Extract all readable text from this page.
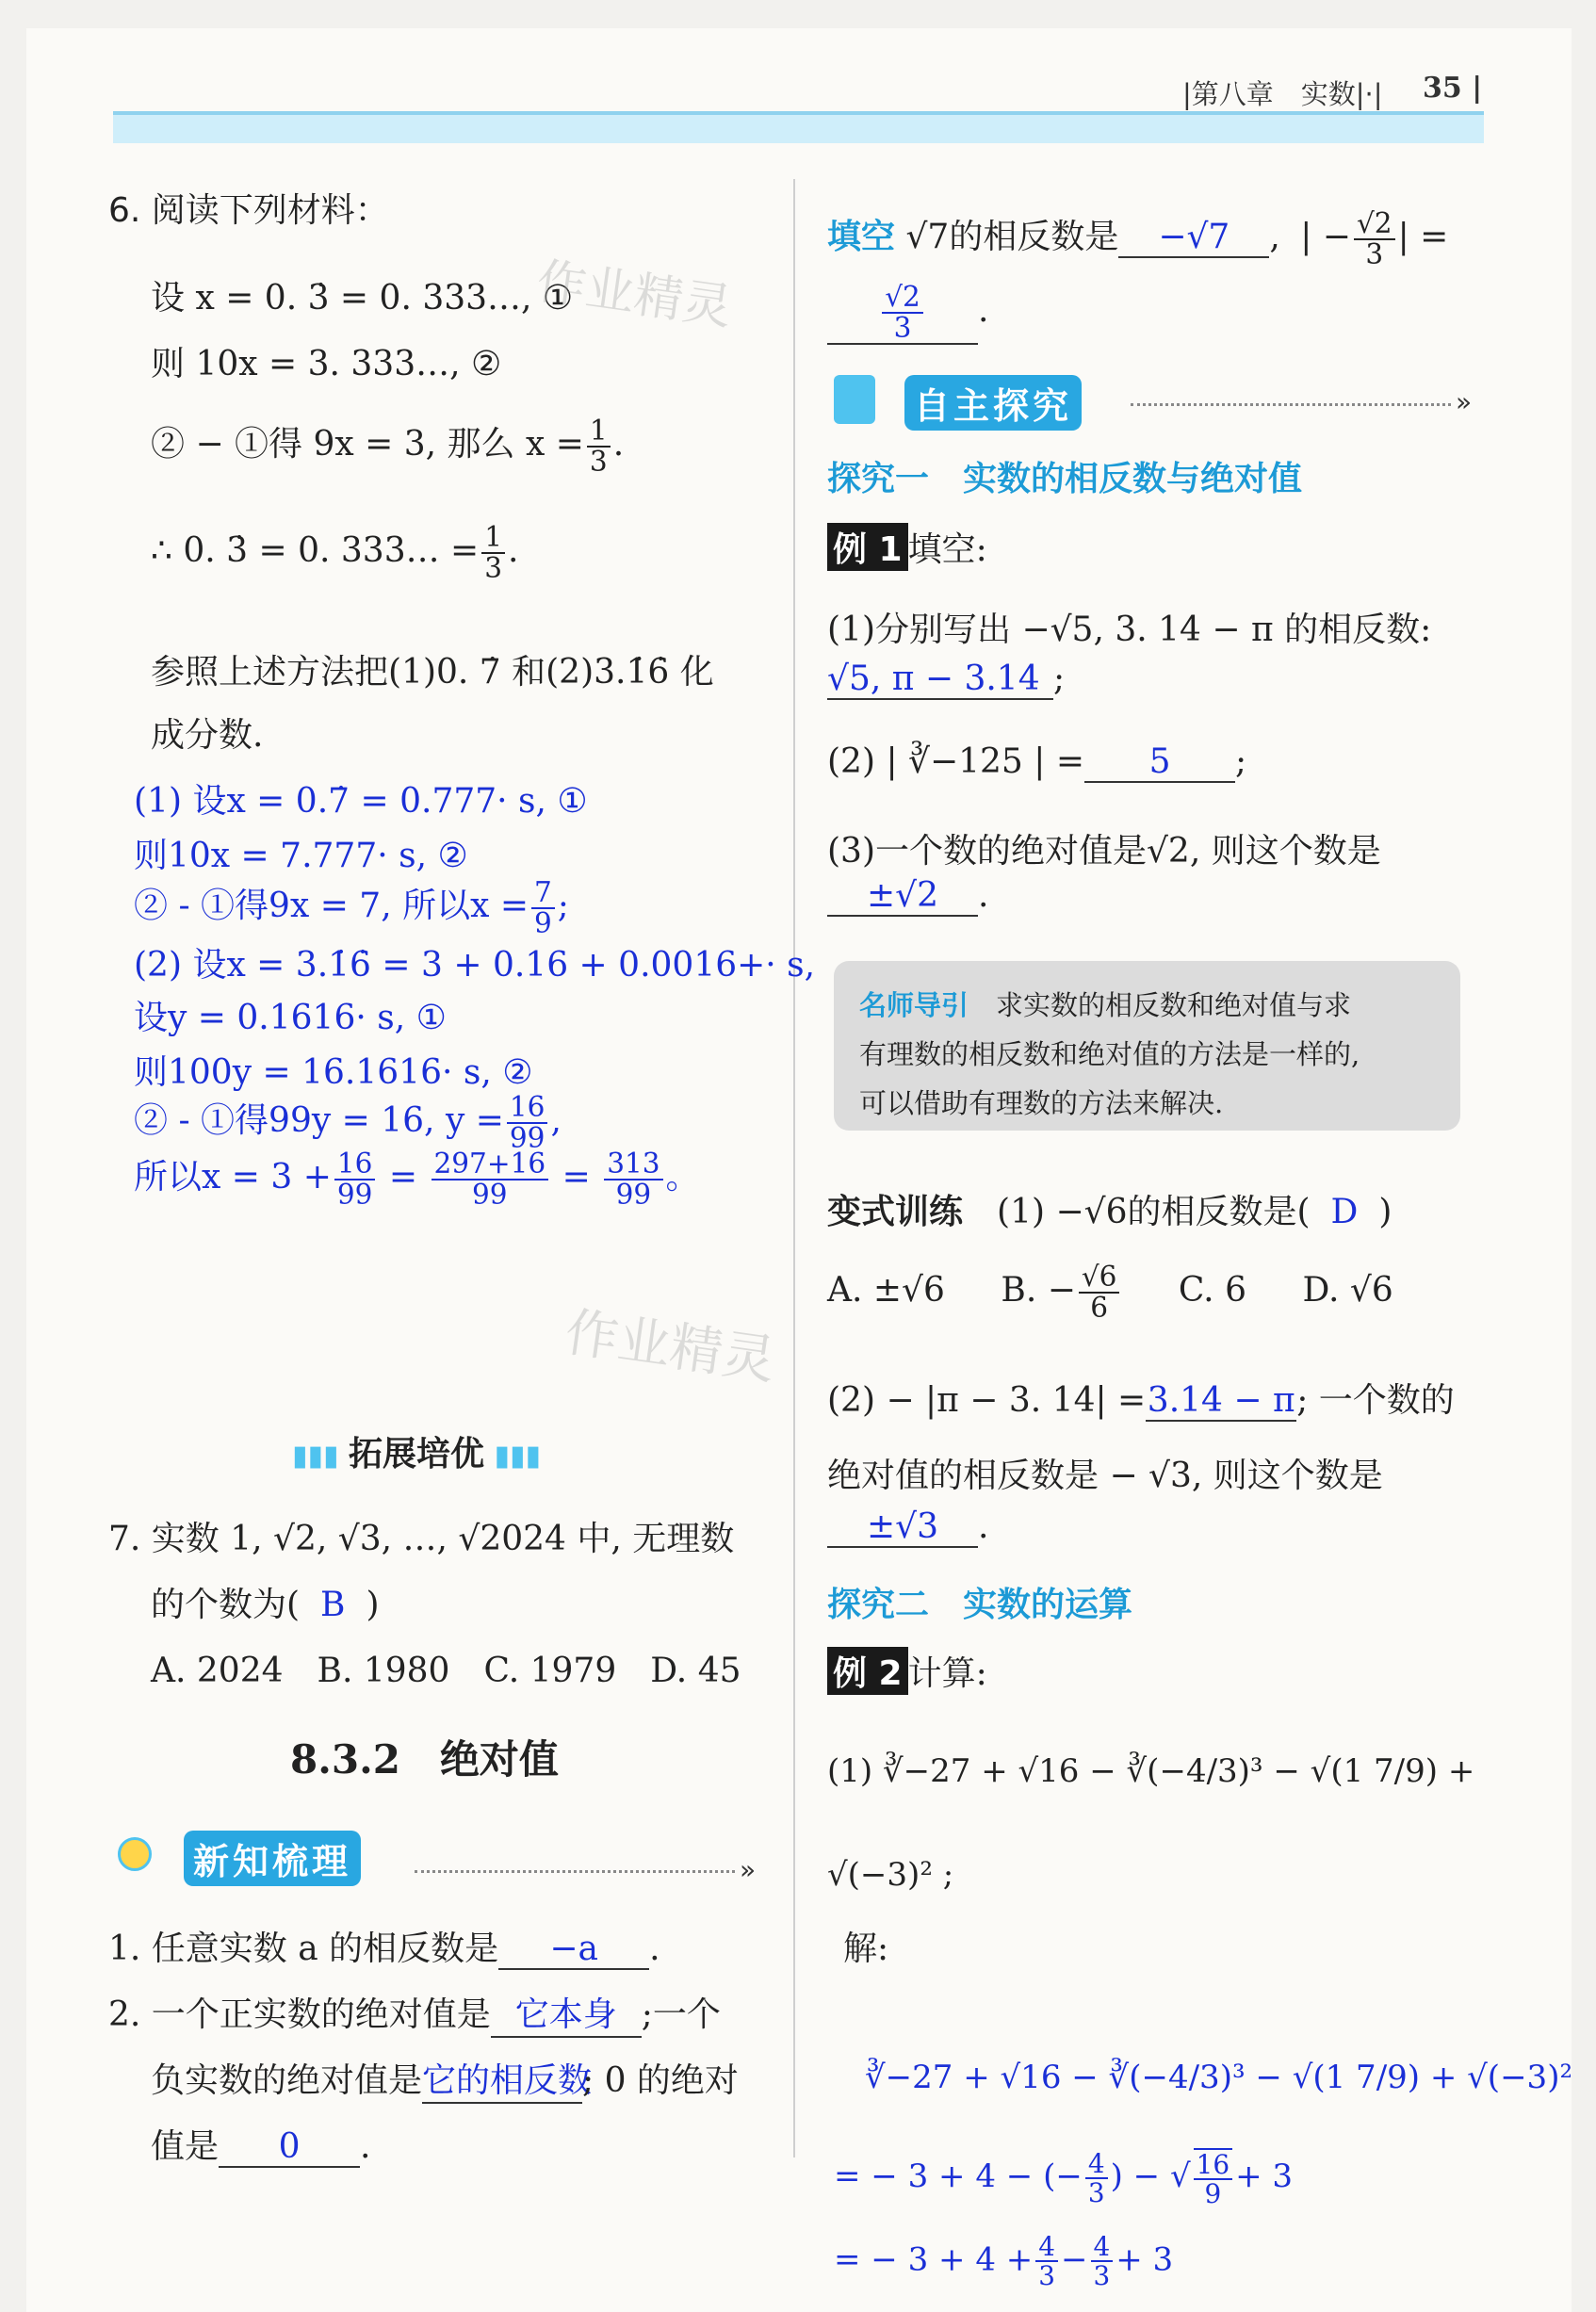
|第八章　实数|·| 35 |
6. 阅读下列材料：
设 x = 0. 3̇ = 0. 333…, ①
则 10x = 3. 333…, ②
② − ①得 9x = 3, 那么 $x = \frac{1}{3}$ .
∴ 0. 3̇ = 0. 333… = $\frac{1}{3}$ .
参照上述方法把(1)0. 7̇ 和(2)3.1̇6̇ 化
成分数.
(1) 设x = 0.7̇ = 0.777· s, ①
则10x = 7.777· s, ②
② - ①得9x = 7, 所以$x = \frac{7}{9}$ ;
(2) 设x = 3.1̇6̇ = 3 + 0.16 + 0.0016+· s,
设y = 0.1616· s, ①
则100y = 16.1616· s, ②
② - ①得99y = 16, $y = \frac{16}{99}$ ,
所以$x = 3 + \frac{16}{99} = \frac{297+16}{99} = \frac{313}{99}$ 。
作业精灵
作业精灵
▮▮▮ 拓展培优 ▮▮▮
7. 实数 1, √2, √3, …, √2024 中, 无理数
的个数为( B )
A. 2024　B. 1980　C. 1979　D. 45
8.3.2　绝对值
新知梳理	»
1. 任意实数 a 的相反数是 −a .
2. 一个正实数的绝对值是 它本身 ;一个
负实数的绝对值是它的相反数; 0 的绝对
值是 0 .
填空 √7的相反数是 −√7 , | − $\frac{√2}{3}$ | =
$\frac{√2}{3}$ .
自主探究	»
探究一　实数的相反数与绝对值
例 1 填空:
(1)分别写出 −√5, 3. 14 − π 的相反数:
√5, π − 3.14 ;
(2) | ∛−125 | = 5 ;
(3)一个数的绝对值是√2, 则这个数是
±√2 .
名师导引　 求实数的相反数和绝对值与求
有理数的相反数和绝对值的方法是一样的,
可以借助有理数的方法来解决.
变式训练　 (1) −√6的相反数是( D )
A. ±√6 B. − $\frac{√6}{6} C$. 6 D. √6
(2) − |π − 3. 14| =3.14 − π; 一个数的
绝对值的相反数是 − √3, 则这个数是
±√3 .
探究二　实数的运算
例 2 计算:
(1) ∛−27 + √16 − ∛(−4/3)³ − √(1 7/9) +
√(−3)² ;
解:
∛−27 + √16 − ∛(−4/3)³ − √(1 7/9) + √(−3)²
= − 3 + 4 − (− $\frac{4}{3}$ ) − √ $\frac{16}{9} + 3$
= − $3 + 4 + \frac{4}{3} - \frac{4}{3} + 3$
